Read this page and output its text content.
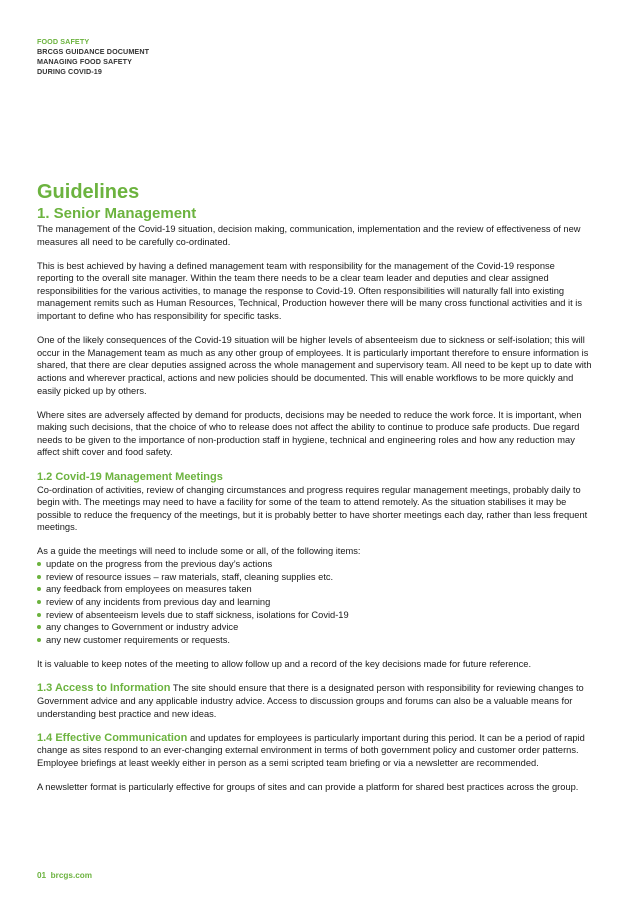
FOOD SAFETY
BRCGS GUIDANCE DOCUMENT
MANAGING FOOD SAFETY
DURING COVID-19
Guidelines
1. Senior Management

The management of the Covid-19 situation, decision making, communication, implementation and the review of effectiveness of new measures all need to be carefully co-ordinated.

This is best achieved by having a defined management team with responsibility for the management of the Covid-19 response reporting to the overall site manager. Within the team there needs to be a clear team leader and deputies and clear assigned responsibilities for the various activities, to manage the response to Covid-19. Often responsibilities will naturally fall into existing management remits such as Human Resources, Technical, Production however there will be many cross functional activities and it is important to define who has responsibility for specific tasks.

One of the likely consequences of the Covid-19 situation will be higher levels of absenteeism due to sickness or self-isolation; this will occur in the Management team as much as any other group of employees. It is particularly important therefore to ensure information is shared, that there are clear deputies assigned across the whole management and supervisory team. All need to be kept up to date with actions and wherever practical, actions and new policies should be documented. This will enable workflows to be more quickly and easily picked up by others.

Where sites are adversely affected by demand for products, decisions may be needed to reduce the work force. It is important, when making such decisions, that the choice of who to release does not affect the ability to continue to produce safe products. Due regard needs to be given to the importance of non-production staff in hygiene, technical and engineering roles and how any reduction may affect shift cover and food safety.

1.2 Covid-19 Management Meetings

Co-ordination of activities, review of changing circumstances and progress requires regular management meetings, probably daily to begin with. The meetings may need to have a facility for some of the team to attend remotely. As the situation stabilises it may be possible to reduce the frequency of the meetings, but it is probably better to have shorter meetings each day, rather than less frequent meetings.

As a guide the meetings will need to include some or all, of the following items:

update on the progress from the previous day’s actions
review of resource issues – raw materials, staff, cleaning supplies etc.
any feedback from employees on measures taken
review of any incidents from previous day and learning
review of absenteeism levels due to staff sickness, isolations for Covid-19
any changes to Government or industry advice
any new customer requirements or requests.

It is valuable to keep notes of the meeting to allow follow up and a record of the key decisions made for future reference.

1.3 Access to Information The site should ensure that there is a designated person with responsibility for reviewing changes to Government advice and any applicable industry advice. Access to discussion groups and forums can also be a valuable means for understanding best practice and new ideas.

1.4 Effective Communication and updates for employees is particularly important during this period. It can be a period of rapid change as sites respond to an ever-changing external environment in terms of both government policy and customer order patterns. Employee briefings at least weekly either in person as a semi scripted team briefing or via a newsletter are recommended.

A newsletter format is particularly effective for groups of sites and can provide a platform for shared best practices across the group.

01 brcgs.com
